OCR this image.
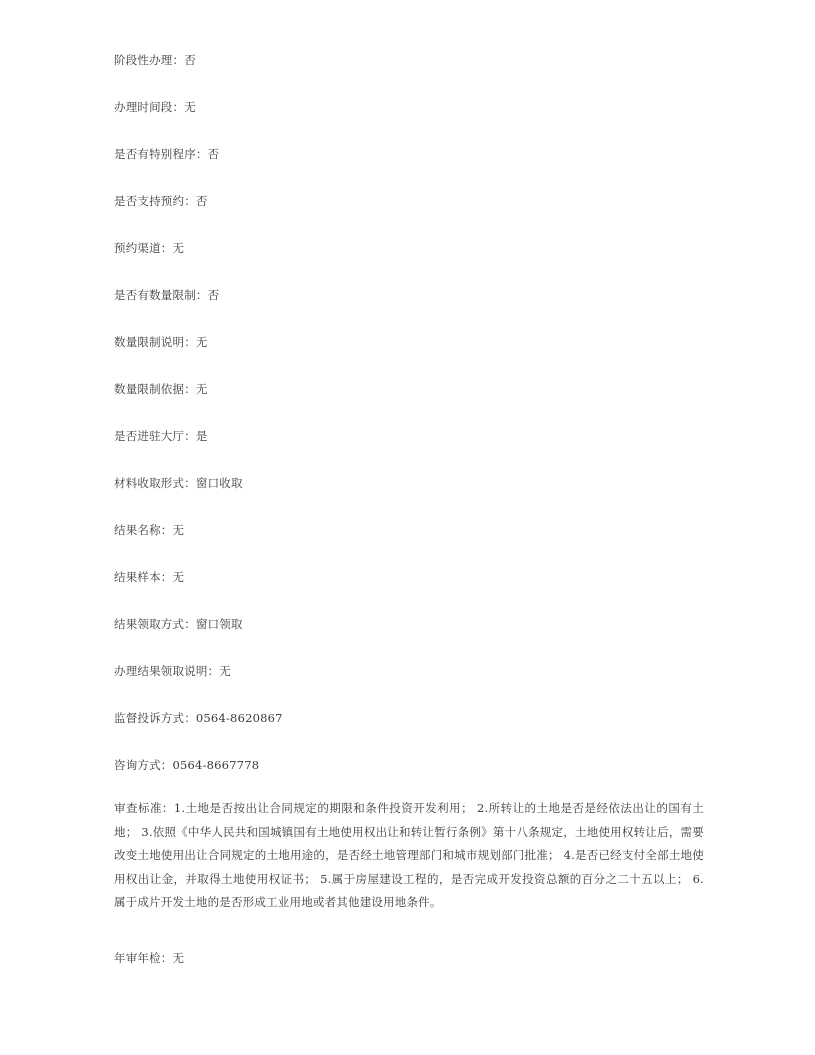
阶段性办理：否
办理时间段：无
是否有特别程序：否
是否支持预约：否
预约渠道：无
是否有数量限制：否
数量限制说明：无
数量限制依据：无
是否进驻大厅：是
材料收取形式：窗口收取
结果名称：无
结果样本：无
结果领取方式：窗口领取
办理结果领取说明：无
监督投诉方式：0564-8620867
咨询方式：0564-8667778
审查标准：1.土地是否按出让合同规定的期限和条件投资开发利用； 2.所转让的土地是否是经依法出让的国有土地； 3.依照《中华人民共和国城镇国有土地使用权出让和转让暂行条例》第十八条规定，土地使用权转让后，需要改变土地使用出让合同规定的土地用途的，是否经土地管理部门和城市规划部门批准； 4.是否已经支付全部土地使用权出让金，并取得土地使用权证书； 5.属于房屋建设工程的，是否完成开发投资总额的百分之二十五以上； 6.属于成片开发土地的是否形成工业用地或者其他建设用地条件。
年审年检：无
